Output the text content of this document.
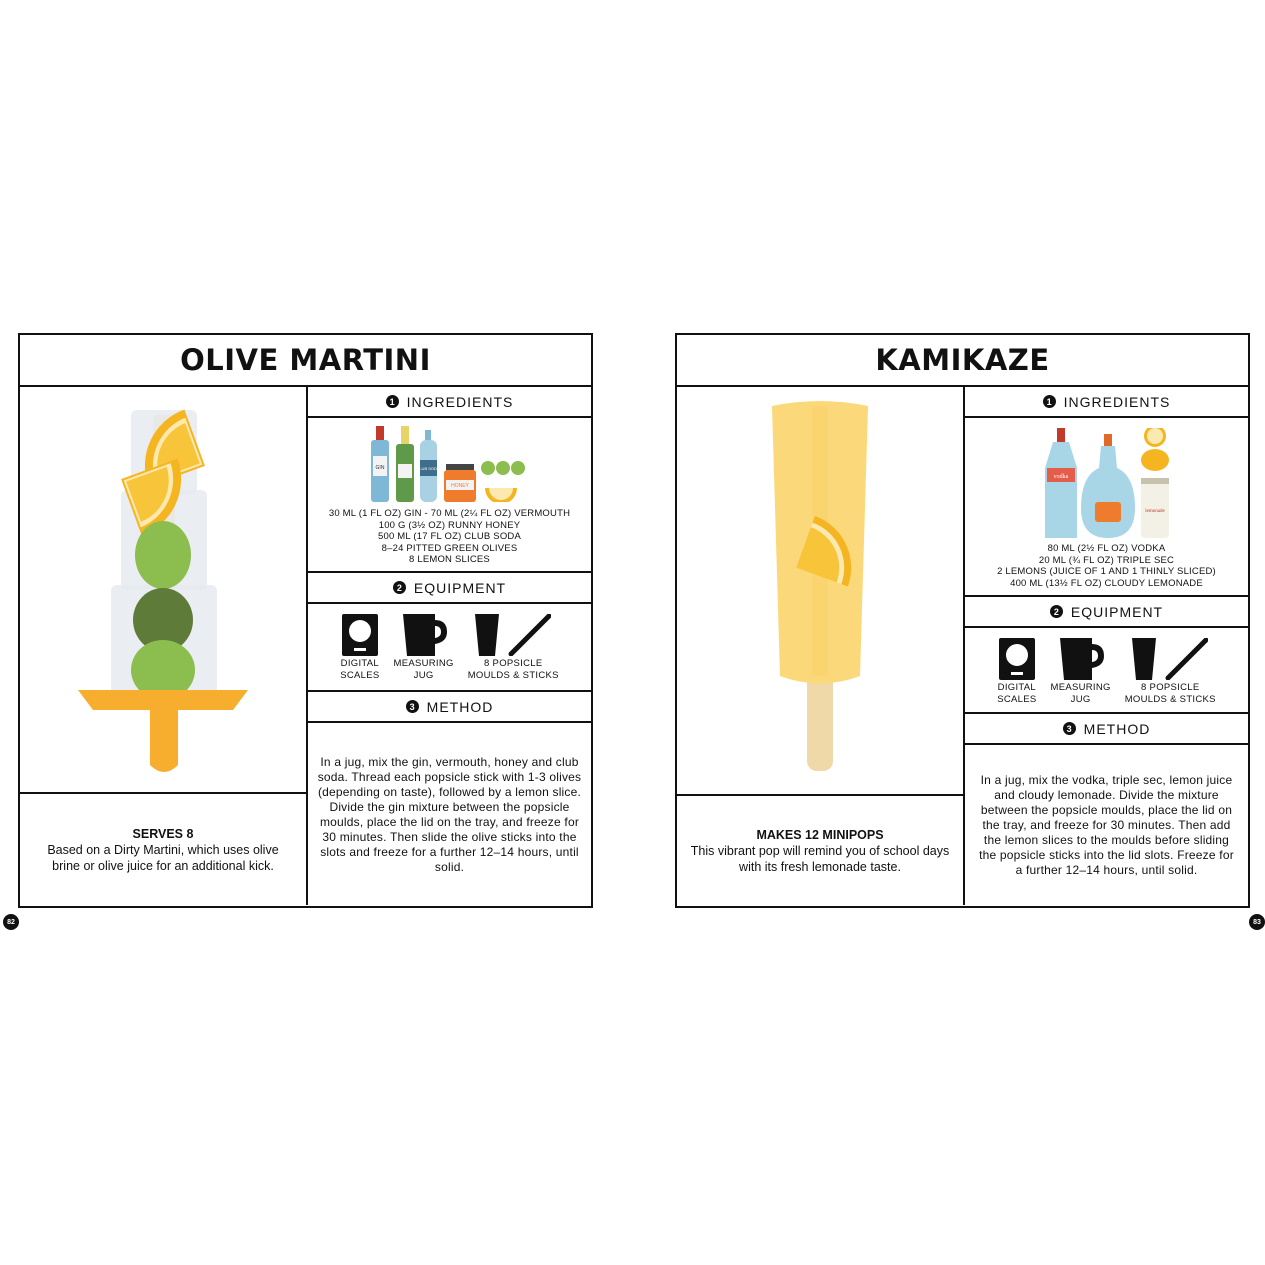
OLIVE MARTINI
SERVES 8
Based on a Dirty Martini, which uses olive brine or olive juice for an additional kick.
1 INGREDIENTS
GIN	CLUB SODA
HONEY
30 ML (1 FL OZ) GIN - 70 ML (2¼ FL OZ) VERMOUTH
100 G (3½ OZ) RUNNY HONEY
500 ML (17 FL OZ) CLUB SODA
8–24 PITTED GREEN OLIVES
8 LEMON SLICES
2 EQUIPMENT
DIGITAL
SCALES
MEASURING
JUG
8 POPSICLE
MOULDS & STICKS
3 METHOD
In a jug, mix the gin, vermouth, honey and club soda. Thread each popsicle stick with 1-3 olives (depending on taste), followed by a lemon slice. Divide the gin mixture between the popsicle moulds, place the lid on the tray, and freeze for 30 minutes. Then slide the olive sticks into the slots and freeze for a further 12–14 hours, until solid.
82
KAMIKAZE
MAKES 12 MINIPOPS
This vibrant pop will remind you of school days with its fresh lemonade taste.
1 INGREDIENTS
vodka
lemonade
80 ML (2½ FL OZ) VODKA
20 ML (¾ FL OZ) TRIPLE SEC
2 LEMONS (JUICE OF 1 AND 1 THINLY SLICED)
400 ML (13½ FL OZ) CLOUDY LEMONADE
2 EQUIPMENT
DIGITAL
SCALES
MEASURING
JUG
8 POPSICLE
MOULDS & STICKS
3 METHOD
In a jug, mix the vodka, triple sec, lemon juice and cloudy lemonade. Divide the mixture between the popsicle moulds, place the lid on the tray, and freeze for 30 minutes. Then add the lemon slices to the moulds before sliding the popsicle sticks into the lid slots. Freeze for a further 12–14 hours, until solid.
83
